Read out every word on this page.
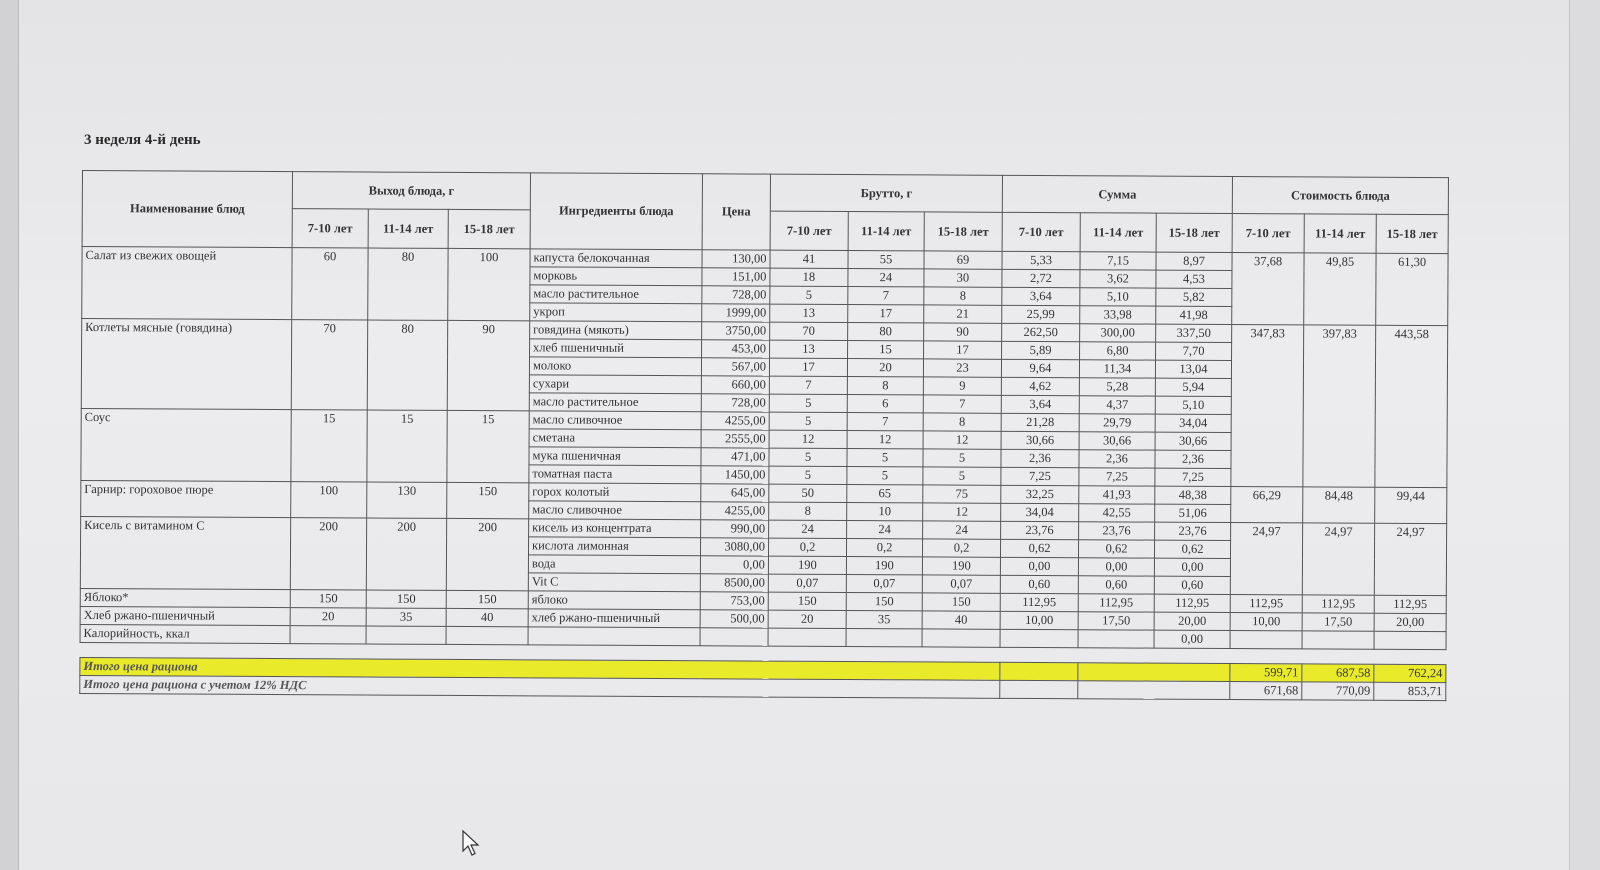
3 неделя 4-й день
Наименование блюд	Выход блюда, г			Ингредиенты блюда	Цена	Брутто, г			Сумма			Стоимость блюда		
	7-10 лет	11-14 лет	15-18 лет			7-10 лет	11-14 лет	15-18 лет	7-10 лет	11-14 лет	15-18 лет	7-10 лет	11-14 лет	15-18 лет
Салат из свежих овощей	60	80	100	капуста белокочанная	130,00	41	55	69	5,33	7,15	8,97	37,68	49,85	61,30
				морковь	151,00	18	24	30	2,72	3,62	4,53			
				масло растительное	728,00	5	7	8	3,64	5,10	5,82			
				укроп	1999,00	13	17	21	25,99	33,98	41,98			
Котлеты мясные (говядина)	70	80	90	говядина (мякоть)	3750,00	70	80	90	262,50	300,00	337,50	347,83	397,83	443,58
				хлеб пшеничный	453,00	13	15	17	5,89	6,80	7,70			
				молоко	567,00	17	20	23	9,64	11,34	13,04			
				сухари	660,00	7	8	9	4,62	5,28	5,94			
				масло растительное	728,00	5	6	7	3,64	4,37	5,10			
Соус	15	15	15	масло сливочное	4255,00	5	7	8	21,28	29,79	34,04			
				сметана	2555,00	12	12	12	30,66	30,66	30,66			
				мука пшеничная	471,00	5	5	5	2,36	2,36	2,36			
				томатная паста	1450,00	5	5	5	7,25	7,25	7,25			
Гарнир: гороховое пюре	100	130	150	горох колотый	645,00	50	65	75	32,25	41,93	48,38	66,29	84,48	99,44
				масло сливочное	4255,00	8	10	12	34,04	42,55	51,06			
Кисель с витамином С	200	200	200	кисель из концентрата	990,00	24	24	24	23,76	23,76	23,76	24,97	24,97	24,97
				кислота лимонная	3080,00	0,2	0,2	0,2	0,62	0,62	0,62			
				вода	0,00	190	190	190	0,00	0,00	0,00			
				Vit C	8500,00	0,07	0,07	0,07	0,60	0,60	0,60			
Яблоко*	150	150	150	яблоко	753,00	150	150	150	112,95	112,95	112,95	112,95	112,95	112,95
Хлеб ржано-пшеничный	20	35	40	хлеб ржано-пшеничный	500,00	20	35	40	10,00	17,50	20,00	10,00	17,50	20,00
Калорийность, ккал											0,00			

Итого цена рациона												599,71	687,58	762,24
Итого цена рациона с учетом 12% НДС												671,68	770,09	853,71
